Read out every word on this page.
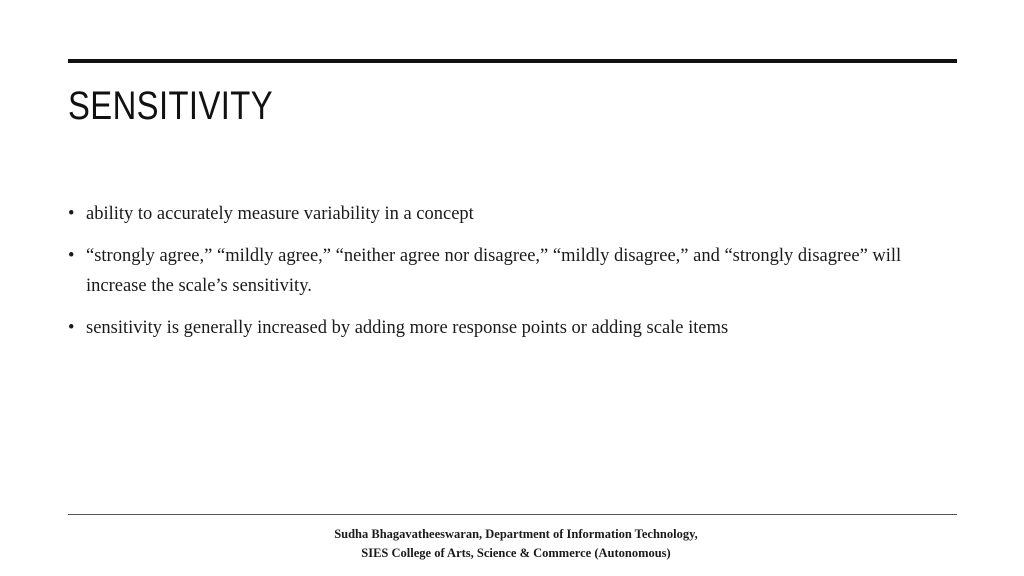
SENSITIVITY
• ability to accurately measure variability in a concept
• “strongly agree,” “mildly agree,” “neither agree nor disagree,” “mildly disagree,” and “strongly disagree” will increase the scale’s sensitivity.
• sensitivity is generally increased by adding more response points or adding scale items
Sudha Bhagavatheeswaran, Department of Information Technology,
SIES College of Arts, Science & Commerce (Autonomous)
